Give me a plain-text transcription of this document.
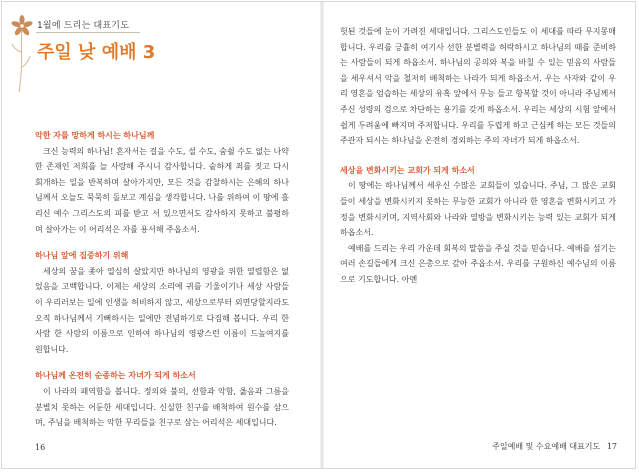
1월에 드리는 대표기도
주일 낮 예배 3
악한 자를 망하게 하시는 하나님께

크신 능력의 하나님! 혼자서는 걸을 수도, 설 수도, 숨쉴 수도 없는 나약한 존재인 저희를 늘 사랑해 주시니 감사합니다. 숱하게 죄를 짓고 다시 회개하는 일을 반복하며 살아가지만, 모든 것을 감찰하시는 은혜의 하나님께서 오늘도 묵묵히 돌보고 계심을 생각합니다. 나를 위하여 이 땅에 흘리신 예수 그리스도의 피를 받고 서 있으면서도 감사하지 못하고 불평하며 살아가는 이 어리석은 자를 용서해 주옵소서.

하나님 앞에 집중하기 위해

세상의 꿈을 좇아 열심히 살았지만 하나님의 영광을 위한 열렬함은 없었음을 고백합니다. 이제는 세상의 소리에 귀를 기울이기나 세상 사람들이 우리러보는 일에 인생을 허비하지 않고, 세상으로부터 외면당할지라도 오직 하나님께서 기뻐하시는 일에만 전념하기로 다짐해 봅니다. 우리 한 사람 한 사람의 이름으로 인하여 하나님의 영광스런 이름이 드높여지를 원합니다.

하나님께 온전히 순종하는 자녀가 되게 하소서

이 나라의 패역함을 봅니다. 정의와 불의, 선함과 악함, 옳음과 그름을 분별치 못하는 어둔한 세대입니다. 신실한 친구를 배척하여 원수를 삼으며, 주님을 배척하는 악한 무리들을 친구로 삼는 어리석은 세대입니다.

16

헛된 것들에 눈이 가려진 세대입니다. 그리스도인들도 이 세대를 따라 무지몽매합니다. 우리를 긍휼히 여기사 선한 분별력을 허락하시고 하나님의 때를 준비하는 사람들이 되게 하옵소서. 하나님의 공의와 복을 바칠 수 있는 믿음의 사람들을 세우셔서 악을 철저히 배척하는 나라가 되게 하옵소서. 우는 사자와 같이 우리 영혼을 엄습하는 세상의 유혹 앞에서 무능 들고 항복할 것이 아니라 주님께서 주신 성령의 검으로 차단하는 용기를 갖게 하옵소서. 우리는 세상의 시험 앞에서 쉽게 두려움에 빠지며 주저합니다. 우리를 두렵게 하고 근심케 하는 모든 것들의 주관자 되시는 하나님을 온전히 경외하는 주의 자녀가 되게 하옵소서.

세상을 변화시키는 교회가 되게 하소서

이 땅에는 하나님께서 세우신 수많은 교회들이 있습니다. 주님, 그 많은 교회들이 세상을 변화시키지 못하는 무능한 교회가 아니라 한 영혼을 변화시키고 가정을 변화시키며, 지역사회와 나라와 열방을 변화시키는 능력 있는 교회가 되게 하옵소서.

예배를 드리는 우리 가운데 회복의 말씀을 주실 것을 믿습니다. 예배를 섬기는 여러 손길들에게 크신 은총으로 갚아 주옵소서. 우리를 구원하신 예수님의 이름으로 기도합니다. 아멘

주일예배 및 수요예배 대표기도 17
